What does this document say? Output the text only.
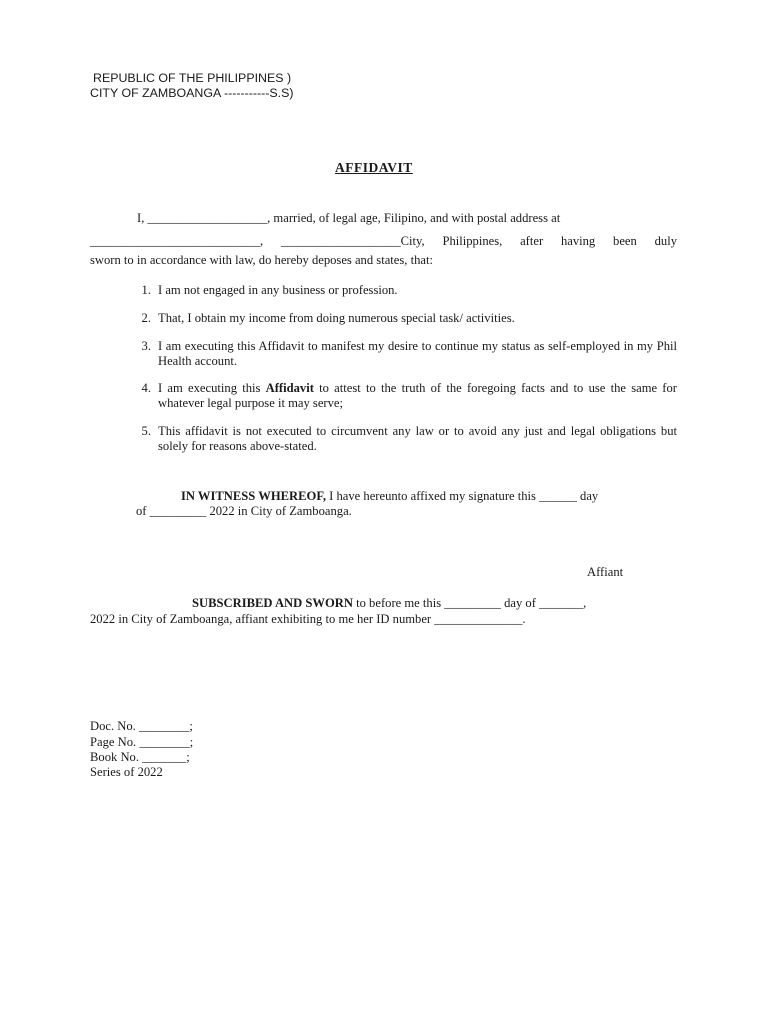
REPUBLIC OF THE PHILIPPINES )
CITY OF ZAMBOANGA -----------S.S)
AFFIDAVIT
I, ___________________, married, of legal age, Filipino, and with postal address at
___________________________, ___________________City, Philippines, after having been duly
sworn to in accordance with law, do hereby deposes and states, that:
1. I am not engaged in any business or profession.
2. That, I obtain my income from doing numerous special task/ activities.
3. I am executing this Affidavit to manifest my desire to continue my status as self-employed in my Phil Health account.
4. I am executing this Affidavit to attest to the truth of the foregoing facts and to use the same for whatever legal purpose it may serve;
5. This affidavit is not executed to circumvent any law or to avoid any just and legal obligations but solely for reasons above-stated.
IN WITNESS WHEREOF, I have hereunto affixed my signature this ______ day
of _________ 2022 in City of Zamboanga.
Affiant
SUBSCRIBED AND SWORN to before me this _________ day of _______,
2022 in City of Zamboanga, affiant exhibiting to me her ID number ______________.
Doc. No. ________;
Page No. ________;
Book No. _______;
Series of 2022
